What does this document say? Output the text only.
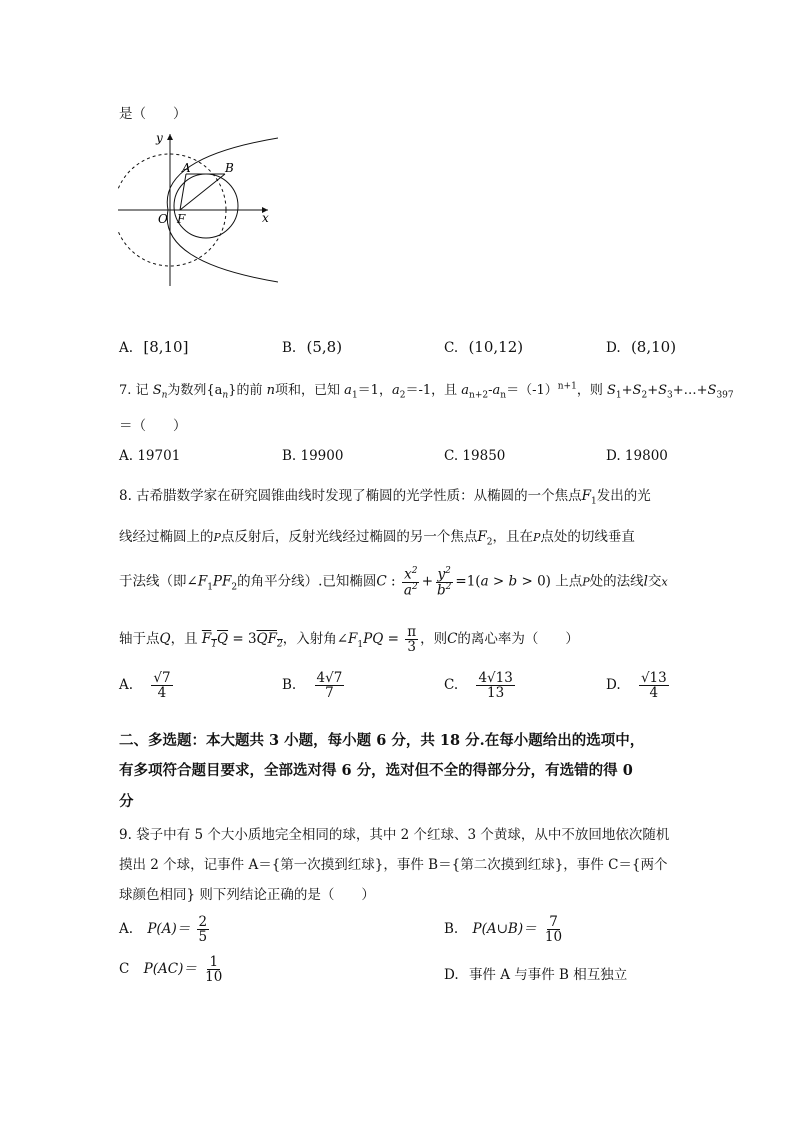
是（　　）
y
x
A	B
O F
A. [8,10]	B. (5,8)	C. (10,12)	D. (8,10)
7. 记 $S_n$为数列$\{a_n\}$的前 n项和，已知 $a_1=1$，$a_2=-1$，且 $a_{n+2}-a_n=(-1)^{n+1}$，则 $S_1+S_2+S_3+\dots+S_{397}$
＝（　　）
A. 19701	B. 19900	C. 19850	D. 19800
8. 古希腊数学家在研究圆锥曲线时发现了椭圆的光学性质：从椭圆的一个焦点$F_1$发出的光
线经过椭圆上的P点反射后，反射光线经过椭圆的另一个焦点$F_2$，且在P点处的切线垂直
于法线（即$\angle F_1PF_2$的角平分线）.已知椭圆C : $\frac{x^2}{a^2} + \frac{y^2}{b^2} =1(a > b > 0)$ 上点P处的法线l交x
轴于点Q，且 $F_1Q = 3QF_2$，入射角$\angle F_1PQ = \frac{\pi}{3}$ ，则C的离心率为（　　）
A. $\frac{√7}{4}$	B. $\frac{4√7}{7}$	C. $\frac{4√13}{13}$	D. $\frac{√13}{4}$
二、多选题：本大题共 3 小题，每小题 6 分，共 18 分.在每小题给出的选项中，
有多项符合题目要求，全部选对得 6 分，选对但不全的得部分分，有选错的得 0
分
9. 袋子中有 5 个大小质地完全相同的球，其中 2 个红球、3 个黄球，从中不放回地依次随机
摸出 2 个球，记事件 A＝{第一次摸到红球}，事件 B＝{第二次摸到红球}，事件 C＝{两个
球颜色相同} 则下列结论正确的是（　　）
A. $P(A)= \frac{2}{5}$	B. P(A∪B)＝ $\frac{7}{10}$
C $P(AC)= \frac{1}{10}$	D. 事件 A 与事件 B 相互独立
